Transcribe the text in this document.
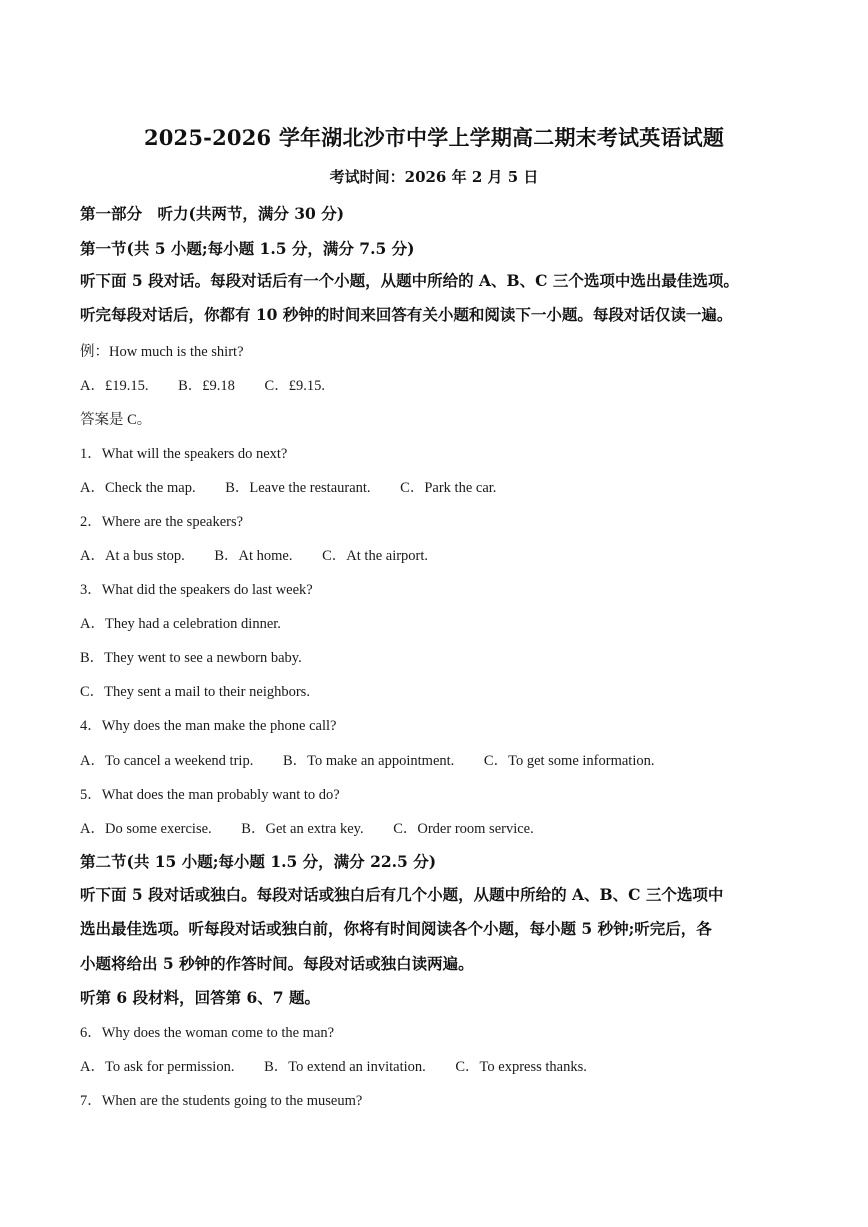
2025-2026 学年湖北沙市中学上学期高二期末考试英语试题
考试时间：2026 年 2 月 5 日
第一部分　听力(共两节，满分 30 分)
第一节(共 5 小题;每小题 1.5 分，满分 7.5 分)
听下面 5 段对话。每段对话后有一个小题，从题中所给的 A、B、C 三个选项中选出最佳选项。
听完每段对话后，你都有 10 秒钟的时间来回答有关小题和阅读下一小题。每段对话仅读一遍。
例：How much is the shirt?
A．£19.15. B．£9.18 C．£9.15.
答案是 C。
1．What will the speakers do next?
A．Check the map. B．Leave the restaurant. C．Park the car.
2．Where are the speakers?
A．At a bus stop. B．At home. C．At the airport.
3．What did the speakers do last week?
A．They had a celebration dinner.
B．They went to see a newborn baby.
C．They sent a mail to their neighbors.
4．Why does the man make the phone call?
A．To cancel a weekend trip. B．To make an appointment. C．To get some information.
5．What does the man probably want to do?
A．Do some exercise. B．Get an extra key. C．Order room service.
第二节(共 15 小题;每小题 1.5 分，满分 22.5 分)
听下面 5 段对话或独白。每段对话或独白后有几个小题，从题中所给的 A、B、C 三个选项中
选出最佳选项。听每段对话或独白前，你将有时间阅读各个小题，每小题 5 秒钟;听完后，各
小题将给出 5 秒钟的作答时间。每段对话或独白读两遍。
听第 6 段材料，回答第 6、7 题。
6．Why does the woman come to the man?
A．To ask for permission. B．To extend an invitation. C．To express thanks.
7．When are the students going to the museum?
